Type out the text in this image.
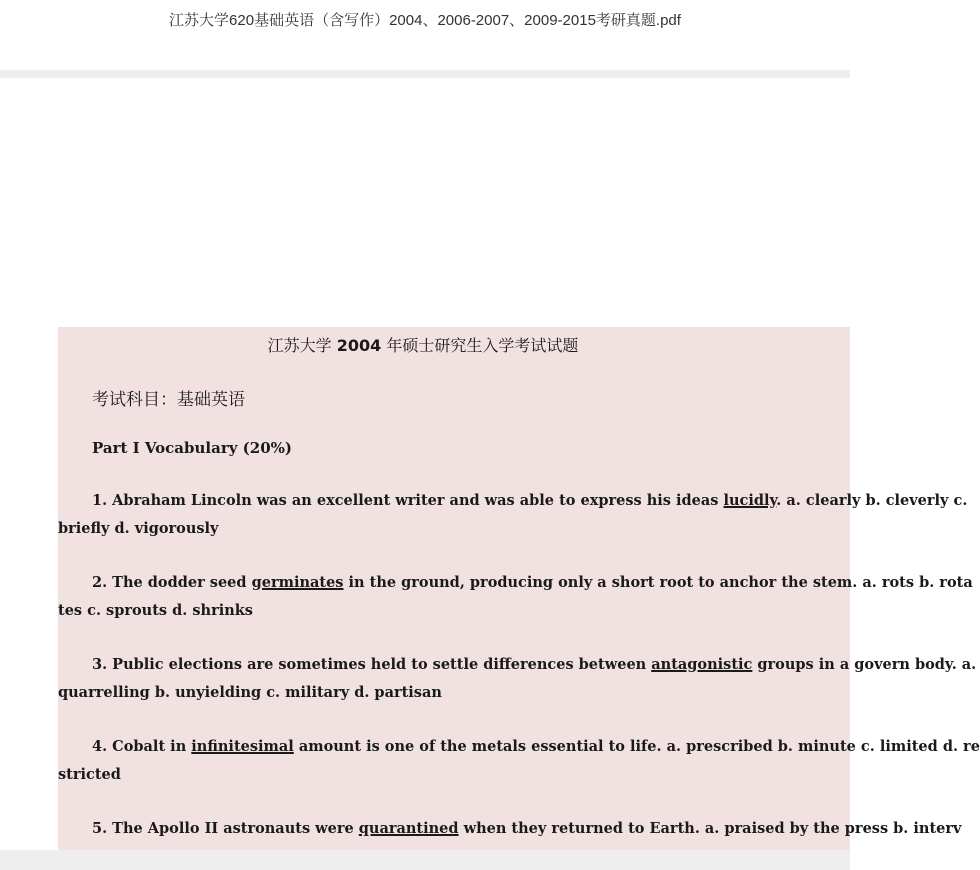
江苏大学620基础英语（含写作）2004、2006-2007、2009-2015考研真题.pdf
江苏大学 2004 年硕士研究生入学考试试题
考试科目：基础英语
Part I Vocabulary (20%)
1. Abraham Lincoln was an excellent writer and was able to express his ideas lucidly. a. clearly b. cleverly c.
briefly d. vigorously
2. The dodder seed germinates in the ground, producing only a short root to anchor the stem. a. rots b. rota
tes c. sprouts d. shrinks
3. Public elections are sometimes held to settle differences between antagonistic groups in a govern body. a.
quarrelling b. unyielding c. military d. partisan
4. Cobalt in infinitesimal amount is one of the metals essential to life. a. prescribed b. minute c. limited d. re
stricted
5. The Apollo II astronauts were quarantined when they returned to Earth. a. praised by the press b. interv
